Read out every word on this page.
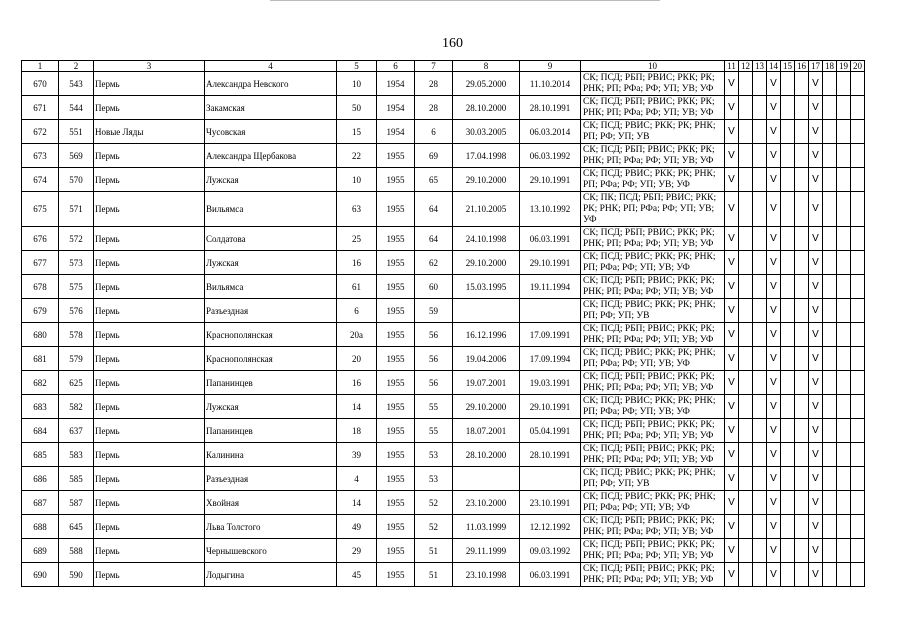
160
1	2	3	4	5	6	7	8	9	10	11	12	13	14	15	16	17	18	19	20
670	543	Пермь	Александра Невского	10	1954	28	29.05.2000	11.10.2014	СК; ПСД; РБП; РВИС; РКК; РК; РНК; РП; РФа; РФ; УП; УВ; УФ	V			V			V			
671	544	Пермь	Закамская	50	1954	28	28.10.2000	28.10.1991	СК; ПСД; РБП; РВИС; РКК; РК; РНК; РП; РФа; РФ; УП; УВ; УФ	V			V			V			
672	551	Новые Ляды	Чусовская	15	1954	6	30.03.2005	06.03.2014	СК; ПСД; РВИС; РКК; РК; РНК; РП; РФ; УП; УВ	V			V			V			
673	569	Пермь	Александра Щербакова	22	1955	69	17.04.1998	06.03.1992	СК; ПСД; РБП; РВИС; РКК; РК; РНК; РП; РФа; РФ; УП; УВ; УФ	V			V			V			
674	570	Пермь	Лужская	10	1955	65	29.10.2000	29.10.1991	СК; ПСД; РВИС; РКК; РК; РНК; РП; РФа; РФ; УП; УВ; УФ	V			V			V			
675	571	Пермь	Вильямса	63	1955	64	21.10.2005	13.10.1992	СК; ПК; ПСД; РБП; РВИС; РКК; РК; РНК; РП; РФа; РФ; УП; УВ; УФ	V			V			V			
676	572	Пермь	Солдатова	25	1955	64	24.10.1998	06.03.1991	СК; ПСД; РБП; РВИС; РКК; РК; РНК; РП; РФа; РФ; УП; УВ; УФ	V			V			V			
677	573	Пермь	Лужская	16	1955	62	29.10.2000	29.10.1991	СК; ПСД; РВИС; РКК; РК; РНК; РП; РФа; РФ; УП; УВ; УФ	V			V			V			
678	575	Пермь	Вильямса	61	1955	60	15.03.1995	19.11.1994	СК; ПСД; РБП; РВИС; РКК; РК; РНК; РП; РФа; РФ; УП; УВ; УФ	V			V			V			
679	576	Пермь	Разъездная	6	1955	59			СК; ПСД; РВИС; РКК; РК; РНК; РП; РФ; УП; УВ	V			V			V			
680	578	Пермь	Краснополянская	20а	1955	56	16.12.1996	17.09.1991	СК; ПСД; РБП; РВИС; РКК; РК; РНК; РП; РФа; РФ; УП; УВ; УФ	V			V			V			
681	579	Пермь	Краснополянская	20	1955	56	19.04.2006	17.09.1994	СК; ПСД; РВИС; РКК; РК; РНК; РП; РФа; РФ; УП; УВ; УФ	V			V			V			
682	625	Пермь	Папанинцев	16	1955	56	19.07.2001	19.03.1991	СК; ПСД; РБП; РВИС; РКК; РК; РНК; РП; РФа; РФ; УП; УВ; УФ	V			V			V			
683	582	Пермь	Лужская	14	1955	55	29.10.2000	29.10.1991	СК; ПСД; РВИС; РКК; РК; РНК; РП; РФа; РФ; УП; УВ; УФ	V			V			V			
684	637	Пермь	Папанинцев	18	1955	55	18.07.2001	05.04.1991	СК; ПСД; РБП; РВИС; РКК; РК; РНК; РП; РФа; РФ; УП; УВ; УФ	V			V			V			
685	583	Пермь	Калинина	39	1955	53	28.10.2000	28.10.1991	СК; ПСД; РБП; РВИС; РКК; РК; РНК; РП; РФа; РФ; УП; УВ; УФ	V			V			V			
686	585	Пермь	Разъездная	4	1955	53			СК; ПСД; РВИС; РКК; РК; РНК; РП; РФ; УП; УВ	V			V			V			
687	587	Пермь	Хвойная	14	1955	52	23.10.2000	23.10.1991	СК; ПСД; РВИС; РКК; РК; РНК; РП; РФа; РФ; УП; УВ; УФ	V			V			V			
688	645	Пермь	Льва Толстого	49	1955	52	11.03.1999	12.12.1992	СК; ПСД; РБП; РВИС; РКК; РК; РНК; РП; РФа; РФ; УП; УВ; УФ	V			V			V			
689	588	Пермь	Чернышевского	29	1955	51	29.11.1999	09.03.1992	СК; ПСД; РБП; РВИС; РКК; РК; РНК; РП; РФа; РФ; УП; УВ; УФ	V			V			V			
690	590	Пермь	Лодыгина	45	1955	51	23.10.1998	06.03.1991	СК; ПСД; РБП; РВИС; РКК; РК; РНК; РП; РФа; РФ; УП; УВ; УФ	V			V			V			
